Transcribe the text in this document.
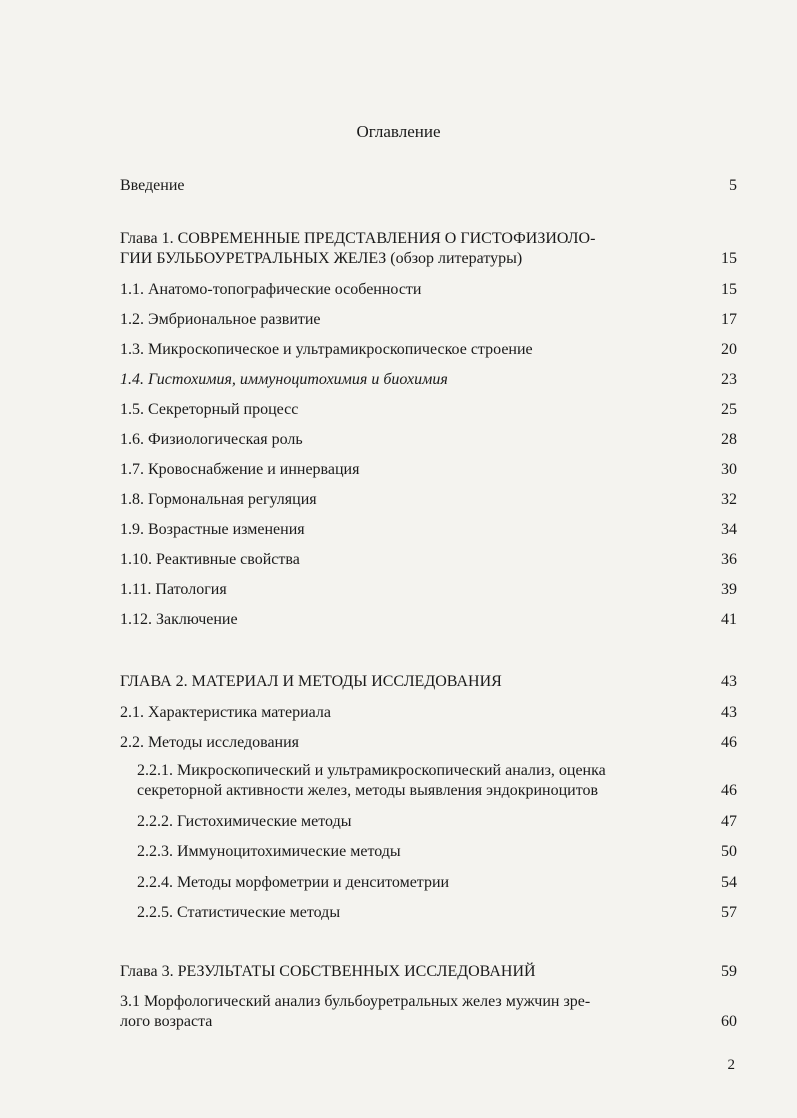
Оглавление
Введение	5
Глава 1. СОВРЕМЕННЫЕ ПРЕДСТАВЛЕНИЯ О ГИСТОФИЗИОЛО-
ГИИ БУЛЬБОУРЕТРАЛЬНЫХ ЖЕЛЕЗ (обзор литературы)	15
1.1. Анатомо-топографические особенности	15
1.2. Эмбриональное развитие	17
1.3. Микроскопическое и ультрамикроскопическое строение	20
1.4. Гистохимия, иммуноцитохимия и биохимия	23
1.5. Секреторный процесс	25
1.6. Физиологическая роль	28
1.7. Кровоснабжение и иннервация	30
1.8. Гормональная регуляция	32
1.9. Возрастные изменения	34
1.10. Реактивные свойства	36
1.11. Патология	39
1.12. Заключение	41
ГЛАВА 2. МАТЕРИАЛ И МЕТОДЫ ИССЛЕДОВАНИЯ	43
2.1. Характеристика материала	43
2.2. Методы исследования	46
2.2.1. Микроскопический и ультрамикроскопический анализ, оценка
секреторной активности желез, методы выявления эндокриноцитов	46
2.2.2. Гистохимические методы	47
2.2.3. Иммуноцитохимические методы	50
2.2.4. Методы морфометрии и денситометрии	54
2.2.5. Статистические методы	57
Глава 3. РЕЗУЛЬТАТЫ СОБСТВЕННЫХ ИССЛЕДОВАНИЙ	59
3.1 Морфологический анализ бульбоуретральных желез мужчин зре-
лого возраста	60
2
